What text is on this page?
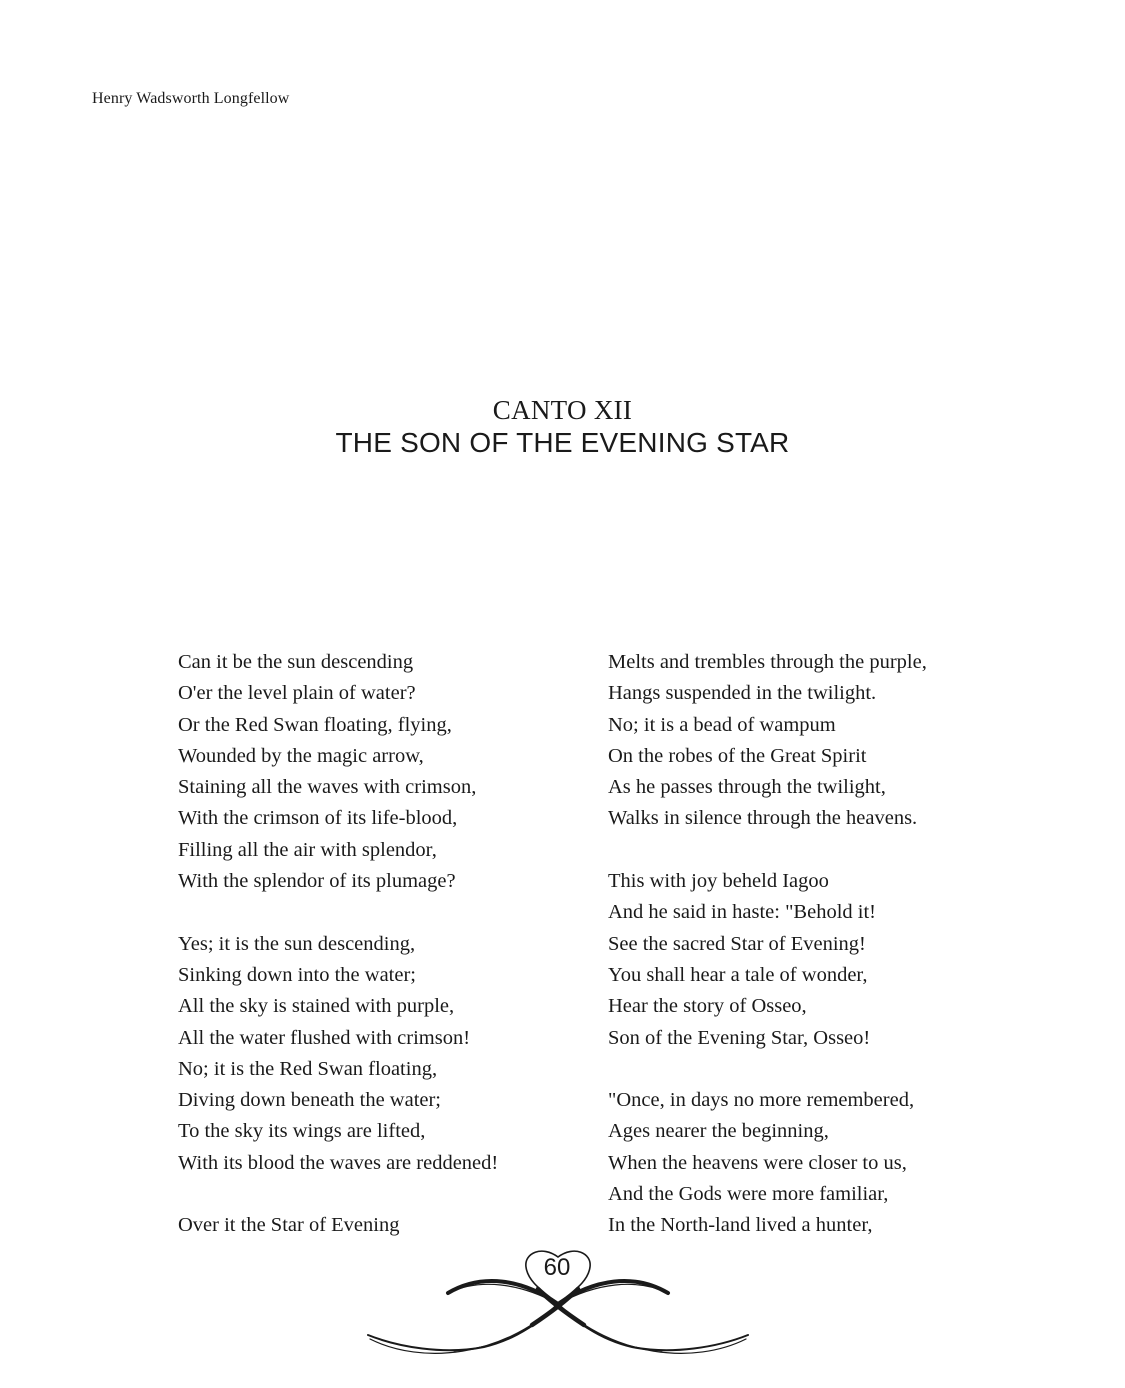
Henry Wadsworth Longfellow
CANTO XII
THE SON OF THE EVENING STAR
Can it be the sun descending
O'er the level plain of water?
Or the Red Swan floating, flying,
Wounded by the magic arrow,
Staining all the waves with crimson,
With the crimson of its life-blood,
Filling all the air with splendor,
With the splendor of its plumage?
Yes; it is the sun descending,
Sinking down into the water;
All the sky is stained with purple,
All the water flushed with crimson!
No; it is the Red Swan floating,
Diving down beneath the water;
To the sky its wings are lifted,
With its blood the waves are reddened!
Over it the Star of Evening
Melts and trembles through the purple,
Hangs suspended in the twilight.
No; it is a bead of wampum
On the robes of the Great Spirit
As he passes through the twilight,
Walks in silence through the heavens.
This with joy beheld Iagoo
And he said in haste: "Behold it!
See the sacred Star of Evening!
You shall hear a tale of wonder,
Hear the story of Osseo,
Son of the Evening Star, Osseo!
"Once, in days no more remembered,
Ages nearer the beginning,
When the heavens were closer to us,
And the Gods were more familiar,
In the North-land lived a hunter,
60
